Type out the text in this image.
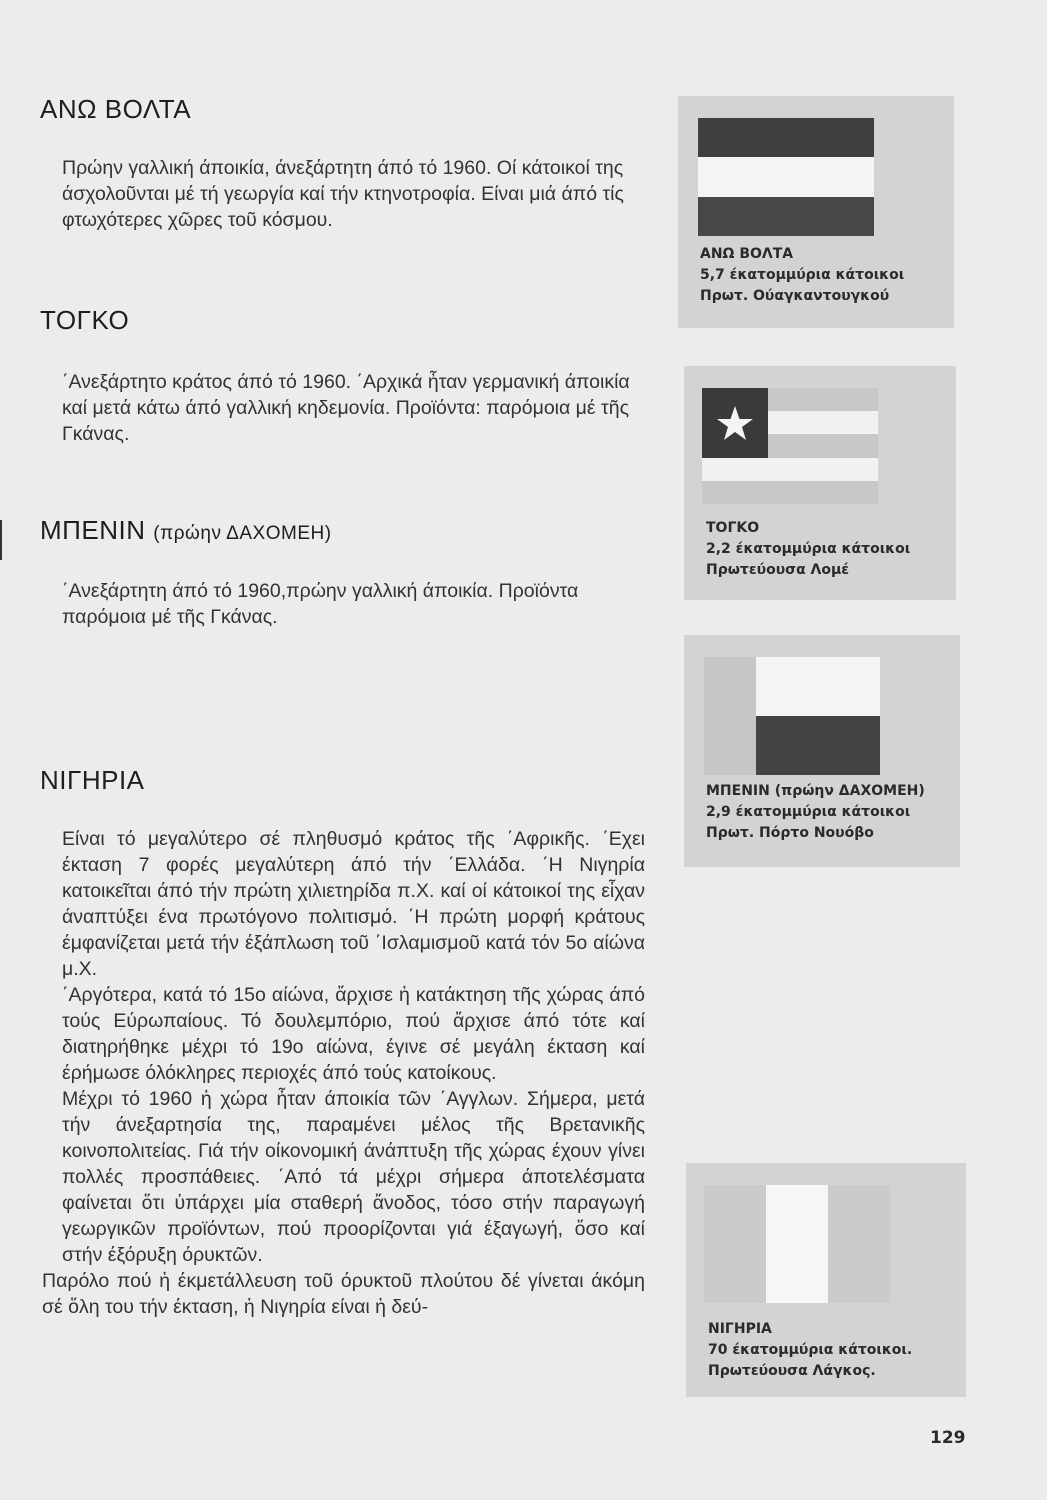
ΑΝΩ ΒΟΛΤΑ

Πρώην γαλλική άποικία, άνεξάρτητη άπό τό 1960. Οί κάτοικοί της άσχολοῦνται μέ τή γεωργία καί τήν κτηνοτροφία. Είναι μιά άπό τίς φτωχότερες χῶρες τοῦ κόσμου.

ΤΟΓΚΟ

΄Ανεξάρτητο κράτος άπό τό 1960. ΄Αρχικά ἦταν γερμανική άποικία καί μετά κάτω άπό γαλλική κηδεμονία. Προϊόντα: παρόμοια μέ τῆς Γκάνας.

ΜΠΕΝΙΝ (πρώην ΔΑΧΟΜΕΗ)

΄Ανεξάρτητη άπό τό 1960,πρώην γαλλική άποικία. Προϊόντα παρόμοια μέ τῆς Γκάνας.

ΝΙΓΗΡΙΑ

Είναι τό μεγαλύτερο σέ πληθυσμό κράτος τῆς ΄Αφρικῆς. ΄Εχει έκταση 7 φορές μεγαλύτερη άπό τήν ΄Ελλάδα. ΄Η Νιγηρία κατοικεῖται άπό τήν πρώτη χιλιετηρίδα π.Χ. καί οί κάτοικοί της εἶχαν άναπτύξει ένα πρωτόγονο πολιτισμό. ΄Η πρώτη μορφή κράτους έμφανίζεται μετά τήν έξάπλωση τοῦ ΄Ισλαμισμοῦ κατά τόν 5ο αίώνα μ.Χ.

΄Αργότερα, κατά τό 15ο αίώνα, ἄρχισε ἡ κατάκτηση τῆς χώρας άπό τούς Εύρωπαίους. Τό δουλεμπόριο, πού ἄρχισε άπό τότε καί διατηρήθηκε μέχρι τό 19ο αίώνα, έγινε σέ μεγάλη έκταση καί έρήμωσε όλόκληρες περιοχές άπό τούς κατοίκους.

Μέχρι τό 1960 ἡ χώρα ἦταν άποικία τῶν ΄Αγγλων. Σήμερα, μετά τήν άνεξαρτησία της, παραμένει μέλος τῆς Βρετανικῆς κοινοπολιτείας. Γιά τήν οίκονομική άνάπτυξη τῆς χώρας έχουν γίνει πολλές προσπάθειες. ΄Από τά μέχρι σήμερα άποτελέσματα φαίνεται ὅτι ὑπάρχει μία σταθερή ἄνοδος, τόσο στήν παραγωγή γεωργικῶν προϊόντων, πού προορίζονται γιά έξαγωγή, ὅσο καί στήν έξόρυξη όρυκτῶν.

Παρόλο πού ἡ έκμετάλλευση τοῦ όρυκτοῦ πλούτου δέ γίνεται άκόμη σέ ὅλη του τήν έκταση, ἡ Νιγηρία είναι ἡ δεύ-

ΑΝΩ ΒΟΛΤΑ
5,7 έκατομμύρια κάτοικοι
Πρωτ. Ούαγκαντουγκού
ΤΟΓΚΟ
2,2 έκατομμύρια κάτοικοι
Πρωτεύουσα Λομέ
ΜΠΕΝΙΝ (πρώην ΔΑΧΟΜΕΗ)
2,9 έκατομμύρια κάτοικοι
Πρωτ. Πόρτο Νουόβο
ΝΙΓΗΡΙΑ
70 έκατομμύρια κάτοικοι.
Πρωτεύουσα Λάγκος.
129
